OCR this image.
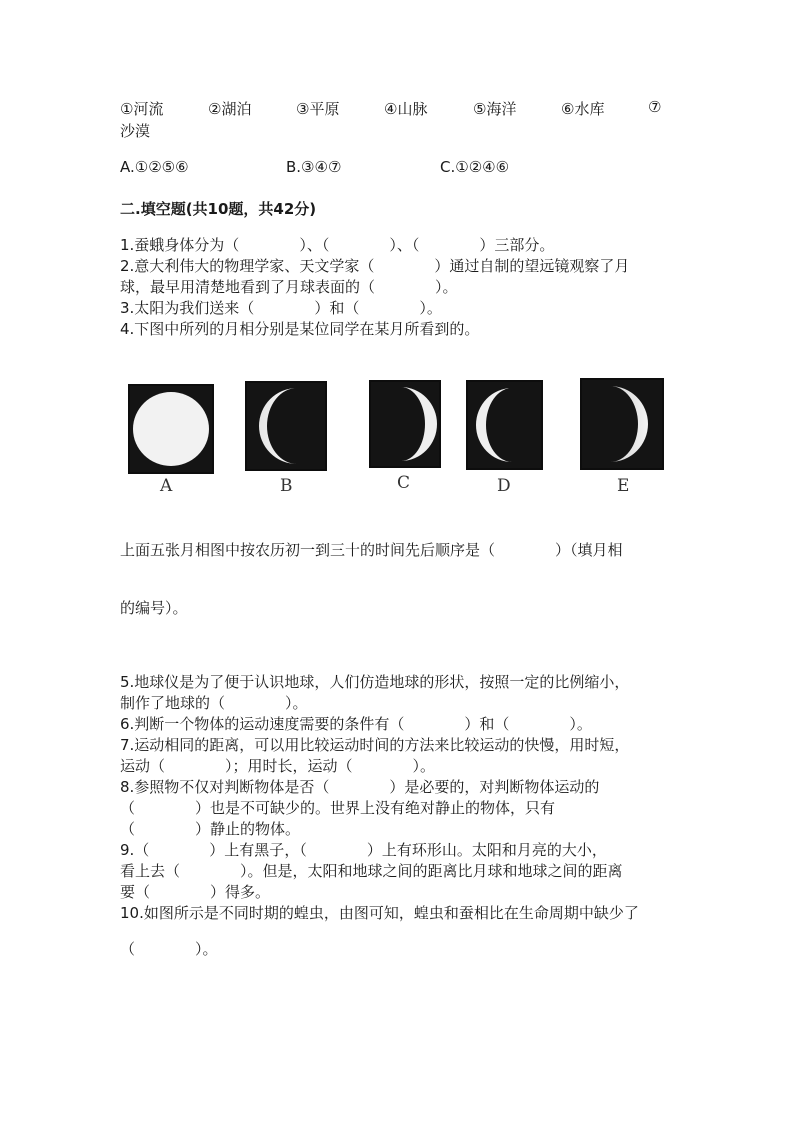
①河流	②湖泊	③平原	④山脉	⑤海洋	⑥水库	⑦
沙漠
A.①②⑤⑥	B.③④⑦	C.①②④⑥
二.填空题(共10题，共42分)
1.蚕蛾身体分为（　　　　）、（　　　　）、（　　　　）三部分。
2.意大利伟大的物理学家、天文学家（　　　　）通过自制的望远镜观察了月
球，最早用清楚地看到了月球表面的（　　　　）。
3.太阳为我们送来（　　　　）和（　　　　）。
4.下图中所列的月相分别是某位同学在某月所看到的。
A	B	C	D	E
上面五张月相图中按农历初一到三十的时间先后顺序是（　　　　）（填月相
的编号）。
5.地球仪是为了便于认识地球，人们仿造地球的形状，按照一定的比例缩小，
制作了地球的（　　　　）。
6.判断一个物体的运动速度需要的条件有（　　　　）和（　　　　）。
7.运动相同的距离，可以用比较运动时间的方法来比较运动的快慢，用时短，
运动（　　　　）；用时长，运动（　　　　）。
8.参照物不仅对判断物体是否（　　　　）是必要的，对判断物体运动的
（　　　　）也是不可缺少的。世界上没有绝对静止的物体，只有
（　　　　）静止的物体。
9.（　　　　）上有黑子，（　　　　）上有环形山。太阳和月亮的大小，
看上去（　　　　）。但是，太阳和地球之间的距离比月球和地球之间的距离
要（　　　　）得多。
10.如图所示是不同时期的蝗虫，由图可知，蝗虫和蚕相比在生命周期中缺少了
（　　　　）。
